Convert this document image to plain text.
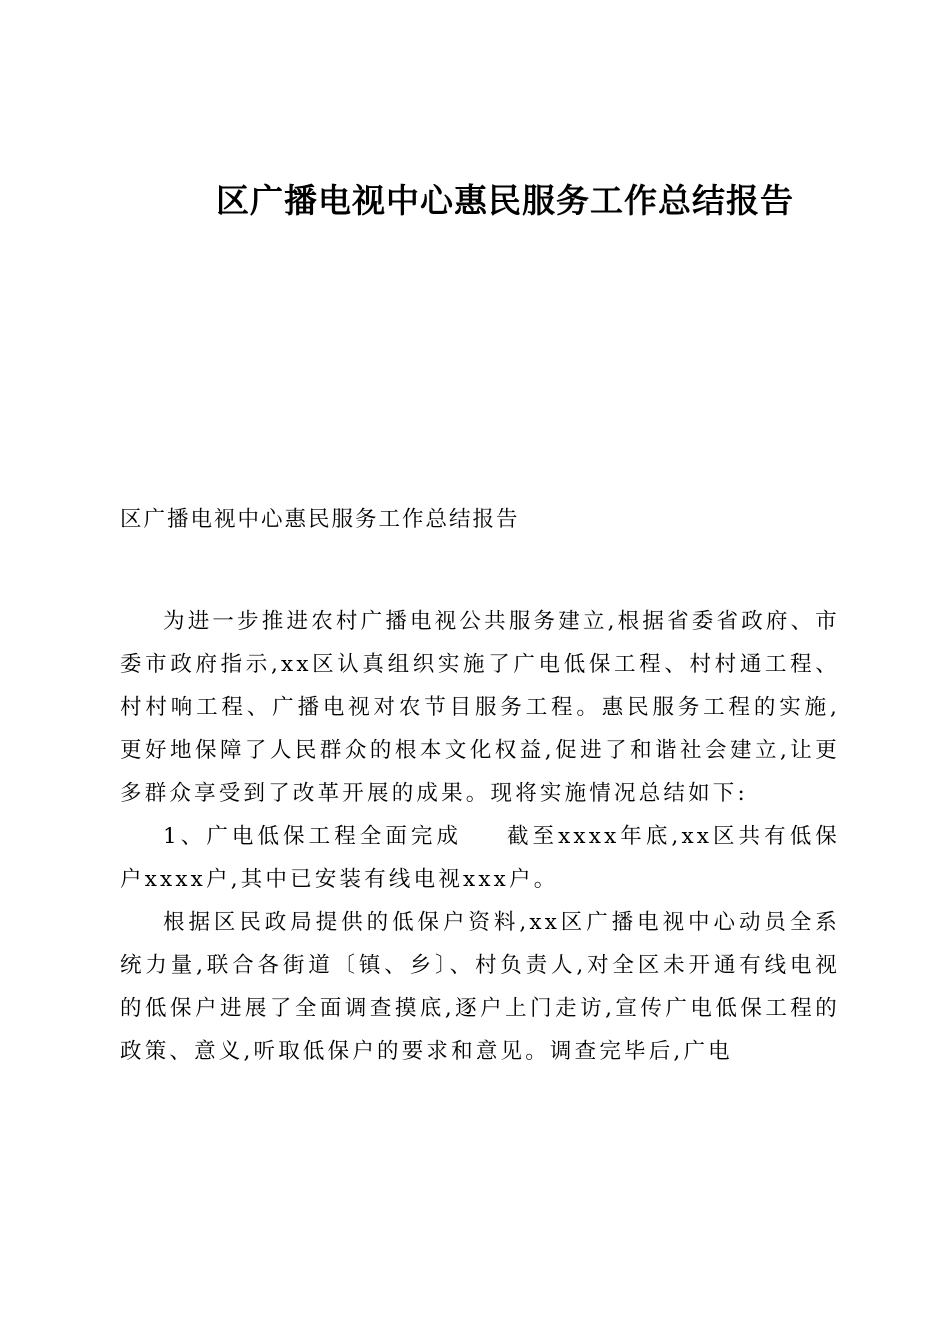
区广播电视中心惠民服务工作总结报告
区广播电视中心惠民服务工作总结报告

为进一步推进农村广播电视公共服务建立,根据省委省政府、市委市政府指示,xx区认真组织实施了广电低保工程、村村通工程、村村响工程、广播电视对农节目服务工程。惠民服务工程的实施,更好地保障了人民群众的根本文化权益,促进了和谐社会建立,让更多群众享受到了改革开展的成果。现将实施情况总结如下:

1、广电低保工程全面完成 截至xxxx年底,xx区共有低保户xxxx户,其中已安装有线电视xxx户。

根据区民政局提供的低保户资料,xx区广播电视中心动员全系统力量,联合各街道〔镇、乡〕、村负责人,对全区未开通有线电视的低保户进展了全面调查摸底,逐户上门走访,宣传广电低保工程的政策、意义,听取低保户的要求和意见。调查完毕后,广电
